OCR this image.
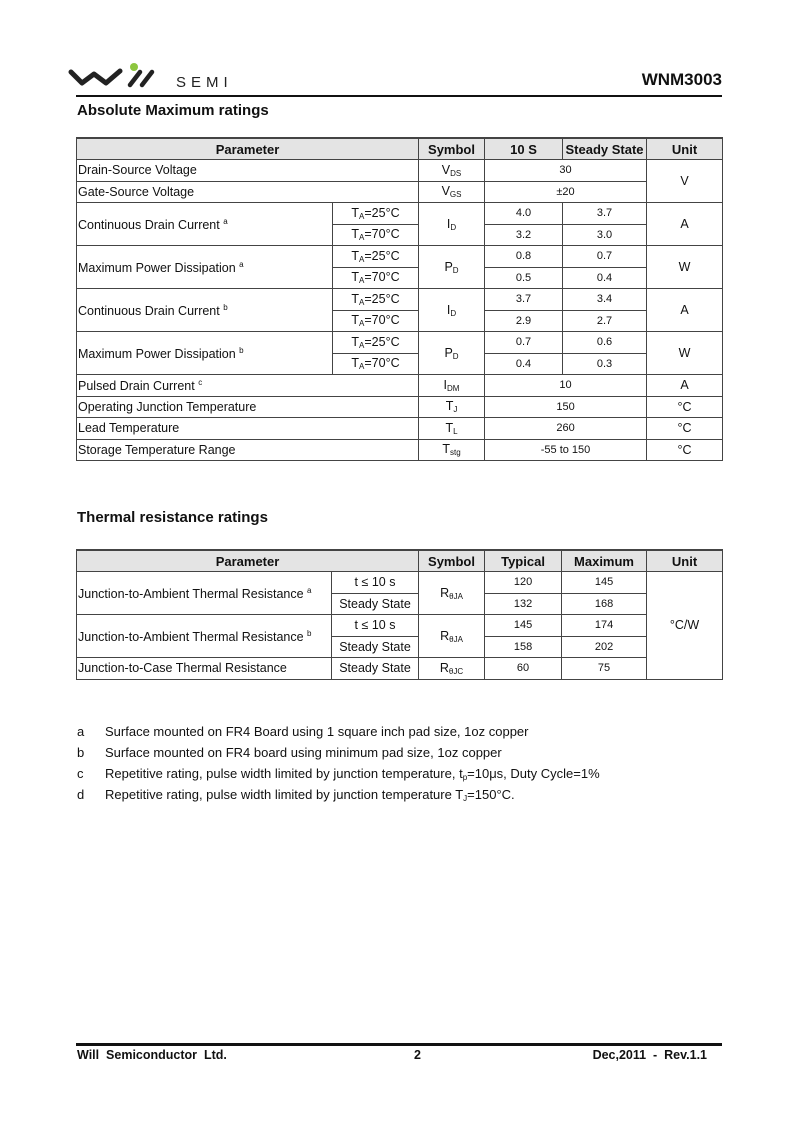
SEMI	WNM3003
Absolute Maximum ratings
Parameter		Symbol	10 S	Steady State	Unit
Drain-Source Voltage		$V_{DS}$	30		V
Gate-Source Voltage		$V_{GS}$	±20		
Continuous Drain Current $^a$	$T_A=25^\circ C$	$I_D$	4.0	3.7	A
	$T_A=70^\circ C$		3.2	3.0	
Maximum Power Dissipation $^a$	$T_A=25^\circ C$	$P_D$	0.8	0.7	W
	$T_A=70^\circ C$		0.5	0.4	
Continuous Drain Current $^b$	$T_A=25^\circ C$	$I_D$	3.7	3.4	A
	$T_A=70^\circ C$		2.9	2.7	
Maximum Power Dissipation $^b$	$T_A=25^\circ C$	$P_D$	0.7	0.6	W
	$T_A=70^\circ C$		0.4	0.3	
Pulsed Drain Current $^c$		$I_{DM}$	10		A
Operating Junction Temperature		$T_J$	150		°C
Lead Temperature		$T_L$	260		°C
Storage Temperature Range		$T_{stg}$	-55 to 150		°C
Thermal resistance ratings
Parameter		Symbol	Typical	Maximum	Unit
Junction-to-Ambient Thermal Resistance $^a$	t ≤ 10 s	$R_{\theta JA}$	120	145	°C/W
	Steady State		132	168	
Junction-to-Ambient Thermal Resistance $^b$	t ≤ 10 s	$R_{\theta JA}$	145	174	
	Steady State		158	202	
Junction-to-Case Thermal Resistance	Steady State	$R_{\theta JC}$	60	75	
a	Surface mounted on FR4 Board using 1 square inch pad size, 1oz copper
b	Surface mounted on FR4 board using minimum pad size, 1oz copper
c	Repetitive rating, pulse width limited by junction temperature, $t_p=10\mu s$, Duty Cycle=1%
d	Repetitive rating, pulse width limited by junction temperature $T_J=150^\circ C$.
Will  Semiconductor  Ltd.	2	Dec,2011  -  Rev.1.1
